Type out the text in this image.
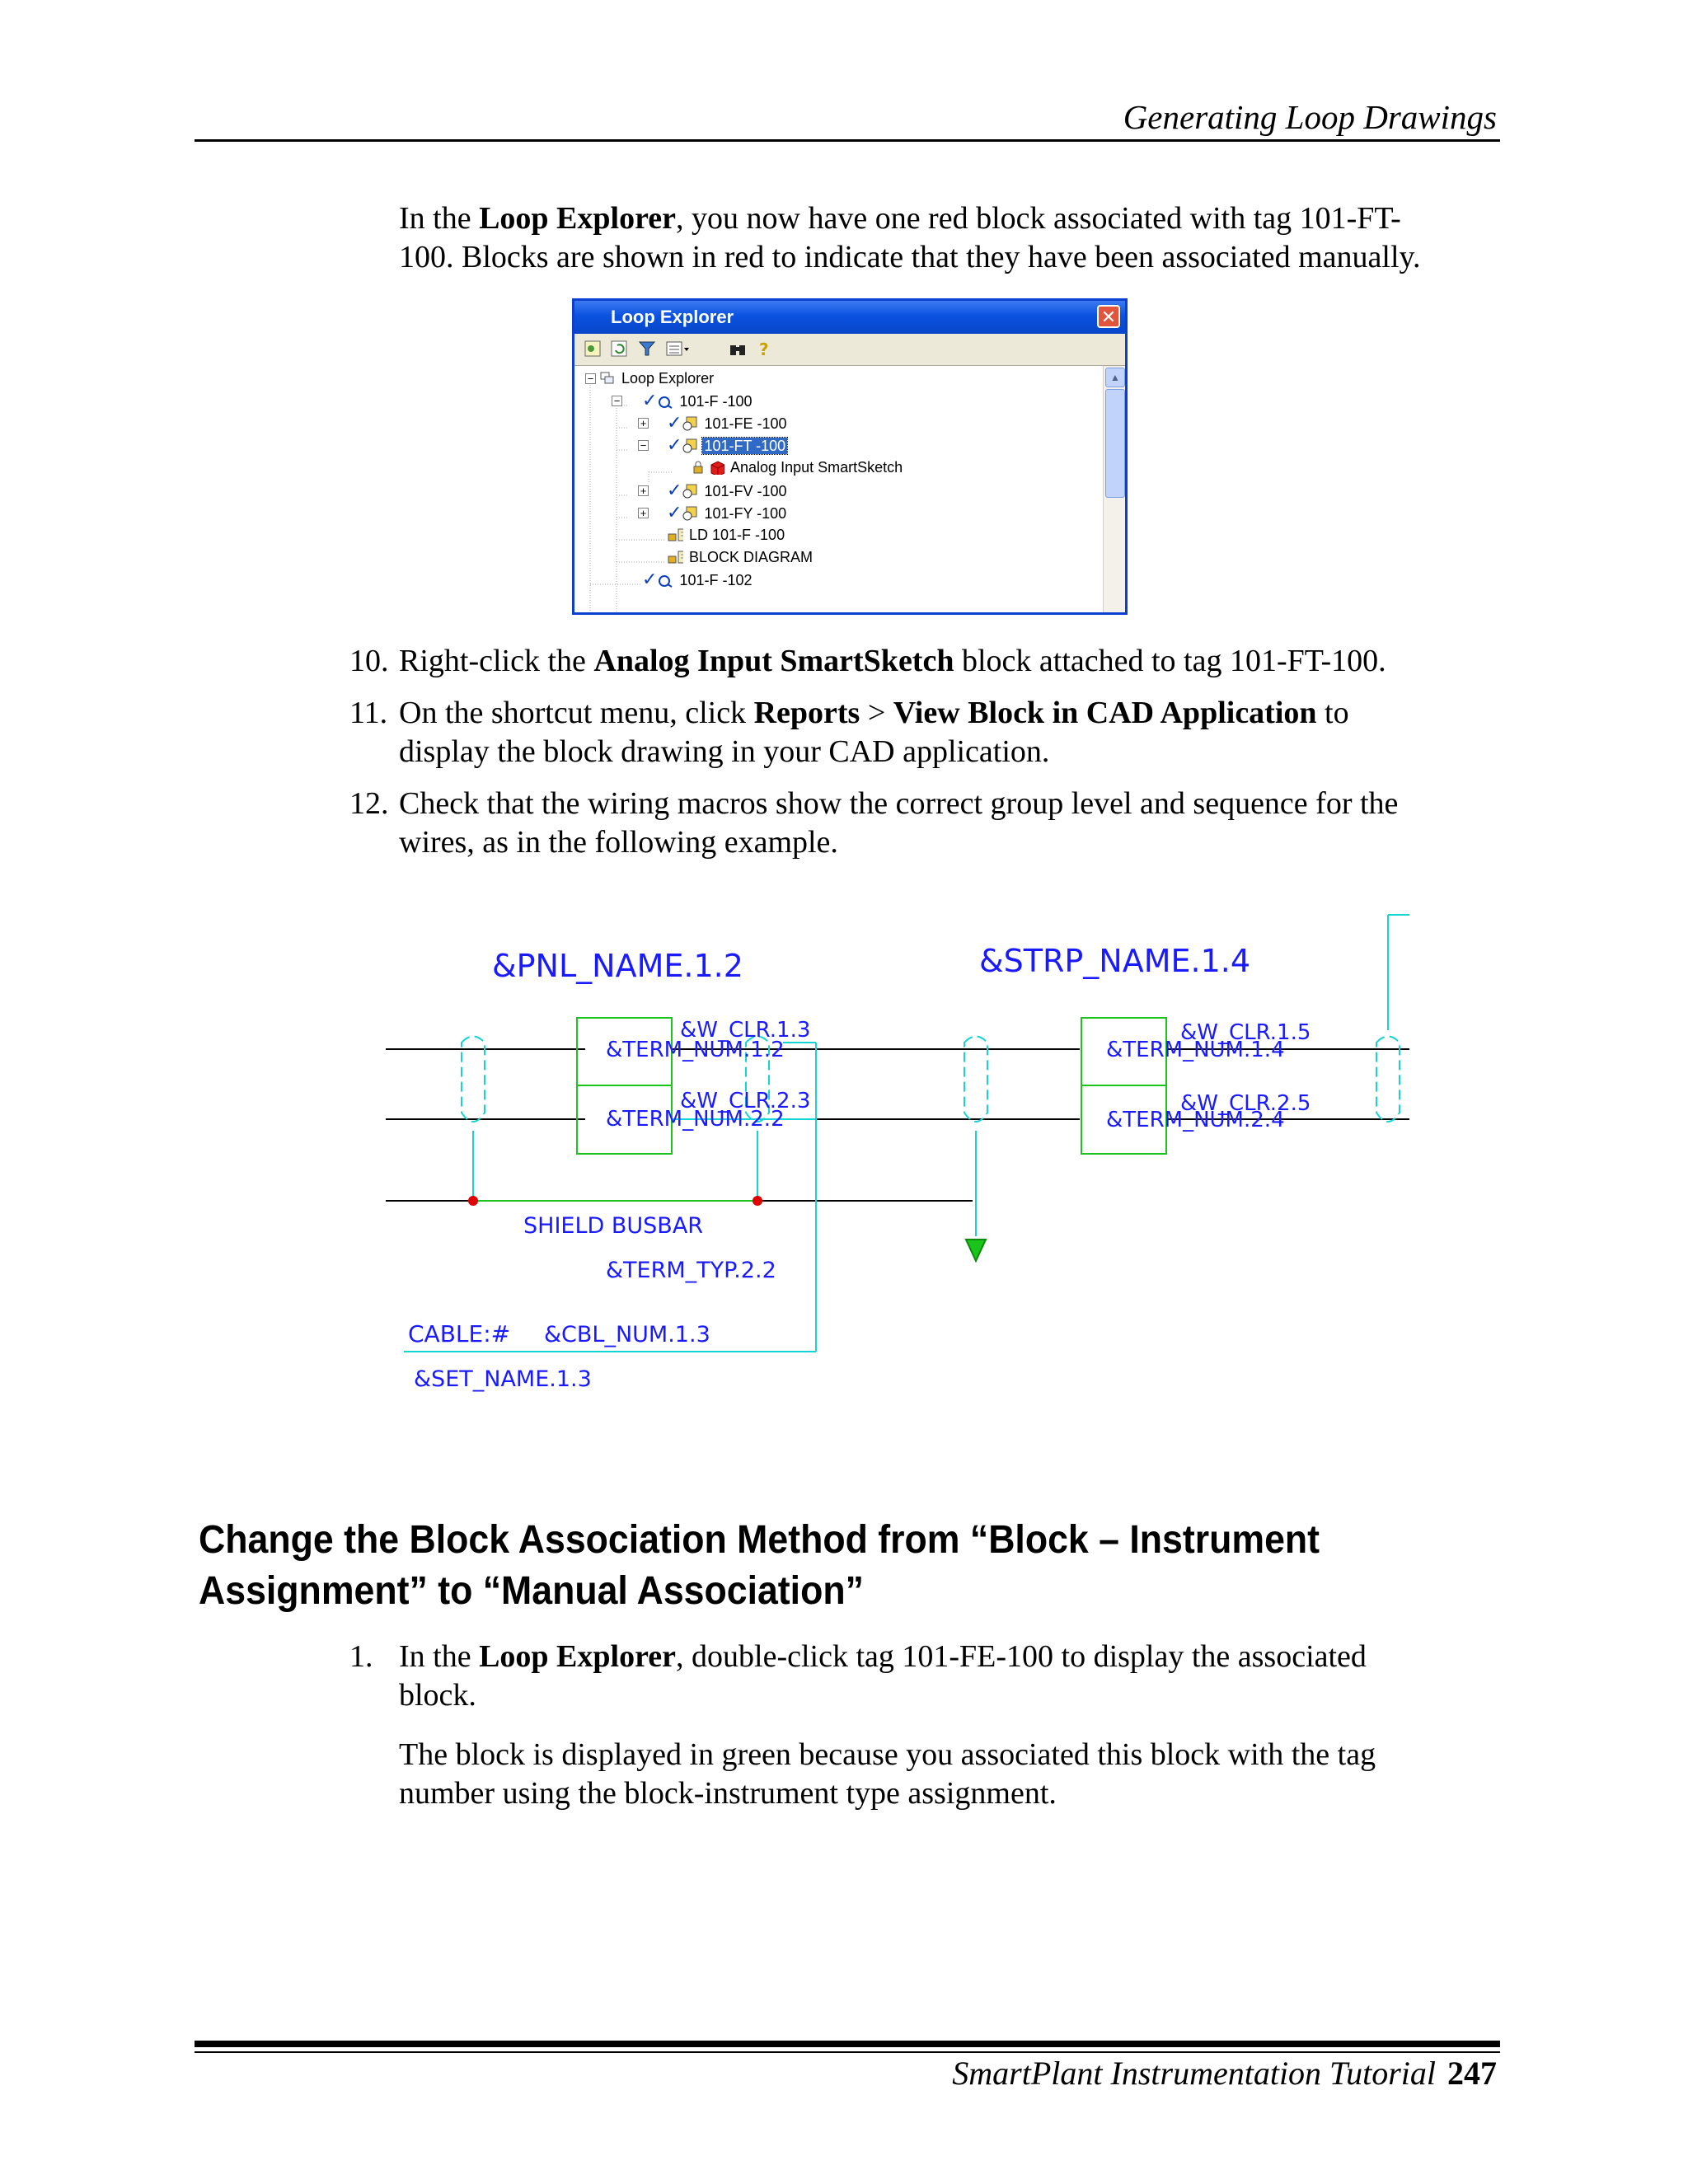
Generating Loop Drawings
In the Loop Explorer, you now have one red block associated with tag 101-FT-
100. Blocks are shown in red to indicate that they have been associated manually.
Loop Explorer	✕
?
−	Loop Explorer
− ✓ 101-F -100
+ ✓ 101-FE -100
− ✓ 101-FT -100
Analog Input SmartSketch
+ ✓ 101-FV -100
+ ✓ 101-FY -100
LD 101-F -100
BLOCK DIAGRAM
✓ 101-F -102
▲
10. Right-click the Analog Input SmartSketch block attached to tag 101-FT-100.
11. On the shortcut menu, click Reports > View Block in CAD Application to
display the block drawing in your CAD application.
12. Check that the wiring macros show the correct group level and sequence for the
wires, as in the following example.
&PNL_NAME.1.2	&STRP_NAME.1.4
&W_CLR.1.3
&TERM_NUM.1.2
&W_CLR.2.3
&TERM_NUM.2.2
&W_CLR.1.5
&TERM_NUM.1.4
&W_CLR.2.5
&TERM_NUM.2.4
SHIELD BUSBAR
&TERM_TYP.2.2
CABLE:# &CBL_NUM.1.3
&SET_NAME.1.3
Change the Block Association Method from “Block – Instrument
Assignment” to “Manual Association”
1. In the Loop Explorer, double-click tag 101-FE-100 to display the associated
block.
The block is displayed in green because you associated this block with the tag
number using the block-instrument type assignment.
SmartPlant Instrumentation Tutorial 247
